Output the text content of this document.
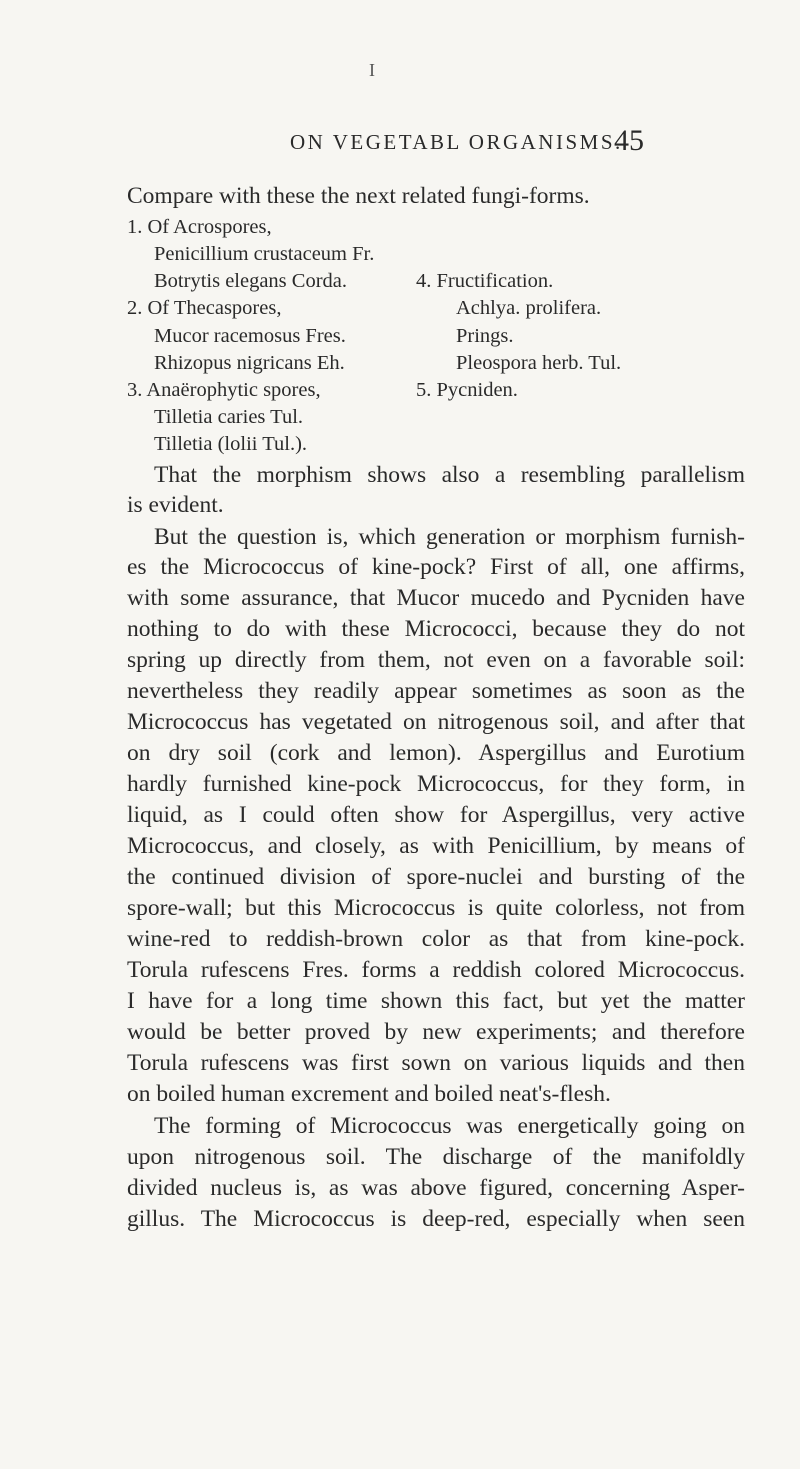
I
ON VEGETABL ORGANISMS.
45
Compare with these the next related fungi-forms.
1. Of Acrospores,
Penicillium crustaceum Fr.
Botrytis elegans Corda.
2. Of Thecaspores,
Mucor racemosus Fres.
Rhizopus nigricans Eh.
3. Anaërophytic spores,
Tilletia caries Tul.
Tilletia (lolii Tul.).
4. Fructification.
Achlya. prolifera.
Prings.
Pleospora herb. Tul.
5. Pycniden.
That the morphism shows also a resembling parallelism
is evident.
But the question is, which generation or morphism furnish-
es the Micrococcus of kine-pock? First of all, one affirms,
with some assurance, that Mucor mucedo and Pycniden have
nothing to do with these Micrococci, because they do not
spring up directly from them, not even on a favorable soil:
nevertheless they readily appear sometimes as soon as the
Micrococcus has vegetated on nitrogenous soil, and after that
on dry soil (cork and lemon). Aspergillus and Eurotium
hardly furnished kine-pock Micrococcus, for they form, in
liquid, as I could often show for Aspergillus, very active
Micrococcus, and closely, as with Penicillium, by means of
the continued division of spore-nuclei and bursting of the
spore-wall; but this Micrococcus is quite colorless, not from
wine-red to reddish-brown color as that from kine-pock.
Torula rufescens Fres. forms a reddish colored Micrococcus.
I have for a long time shown this fact, but yet the matter
would be better proved by new experiments; and therefore
Torula rufescens was first sown on various liquids and then
on boiled human excrement and boiled neat's-flesh.
The forming of Micrococcus was energetically going on
upon nitrogenous soil. The discharge of the manifoldly
divided nucleus is, as was above figured, concerning Asper-
gillus. The Micrococcus is deep-red, especially when seen
